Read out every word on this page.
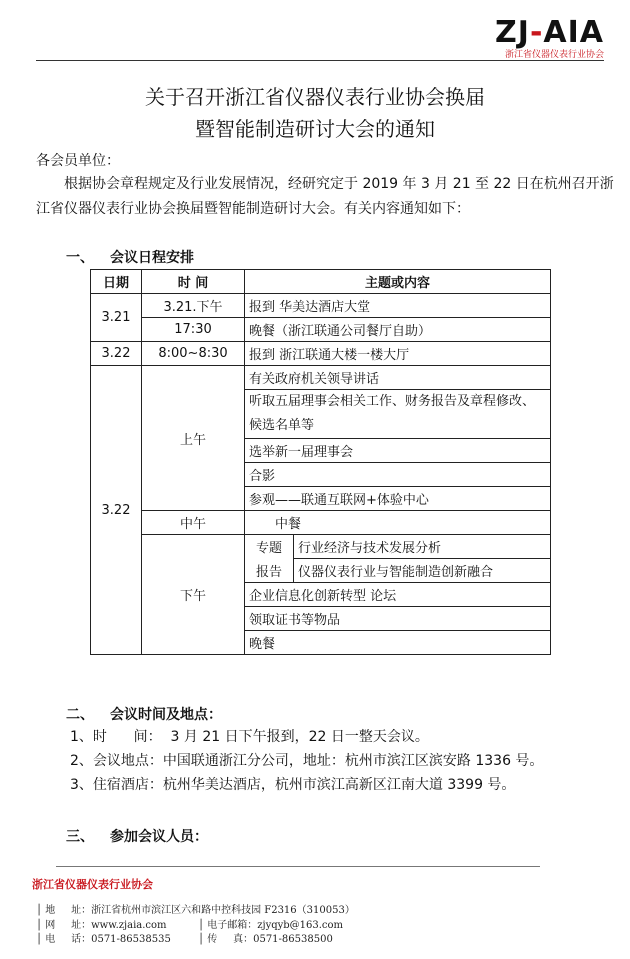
ZJ-AIA
浙江省仪器仪表行业协会
关于召开浙江省仪器仪表行业协会换届
暨智能制造研讨大会的通知
各会员单位：
根据协会章程规定及行业发展情况，经研究定于 2019 年 3 月 21 至 22 日在杭州召开浙
江省仪器仪表行业协会换届暨智能制造研讨大会。有关内容通知如下：
一、 会议日程安排
日期	时 间	主题或内容	
3.21	3.21.下午	报到 华美达酒店大堂	
	17:30	晚餐（浙江联通公司餐厅自助）	
3.22	8:00~8:30	报到 浙江联通大楼一楼大厅	
3.22	上午	有关政府机关领导讲话	
		听取五届理事会相关工作、财务报告及章程修改、候选名单等	
		选举新一届理事会	
		合影	
		参观——联通互联网+体验中心	
	中午	中餐	
	下午	专题	行业经济与技术发展分析
		报告	仪器仪表行业与智能制造创新融合
		企业信息化创新转型 论坛	
		领取证书等物品	
		晚餐	
二、 会议时间及地点：
1、时      间：  3 月 21 日下午报到，22 日一整天会议。
2、会议地点：中国联通浙江分公司，地址：杭州市滨江区滨安路 1336 号。
3、住宿酒店：杭州华美达酒店，杭州市滨江高新区江南大道 3399 号。
三、 参加会议人员：
浙江省仪器仪表行业协会
│ 地     址：浙江省杭州市滨江区六和路中控科技园 F2316（310053）
│ 网     址：www.zjaia.com	│ 电子邮箱：zjyqyb@163.com
│ 电     话：0571-86538535	│ 传     真：0571-86538500
